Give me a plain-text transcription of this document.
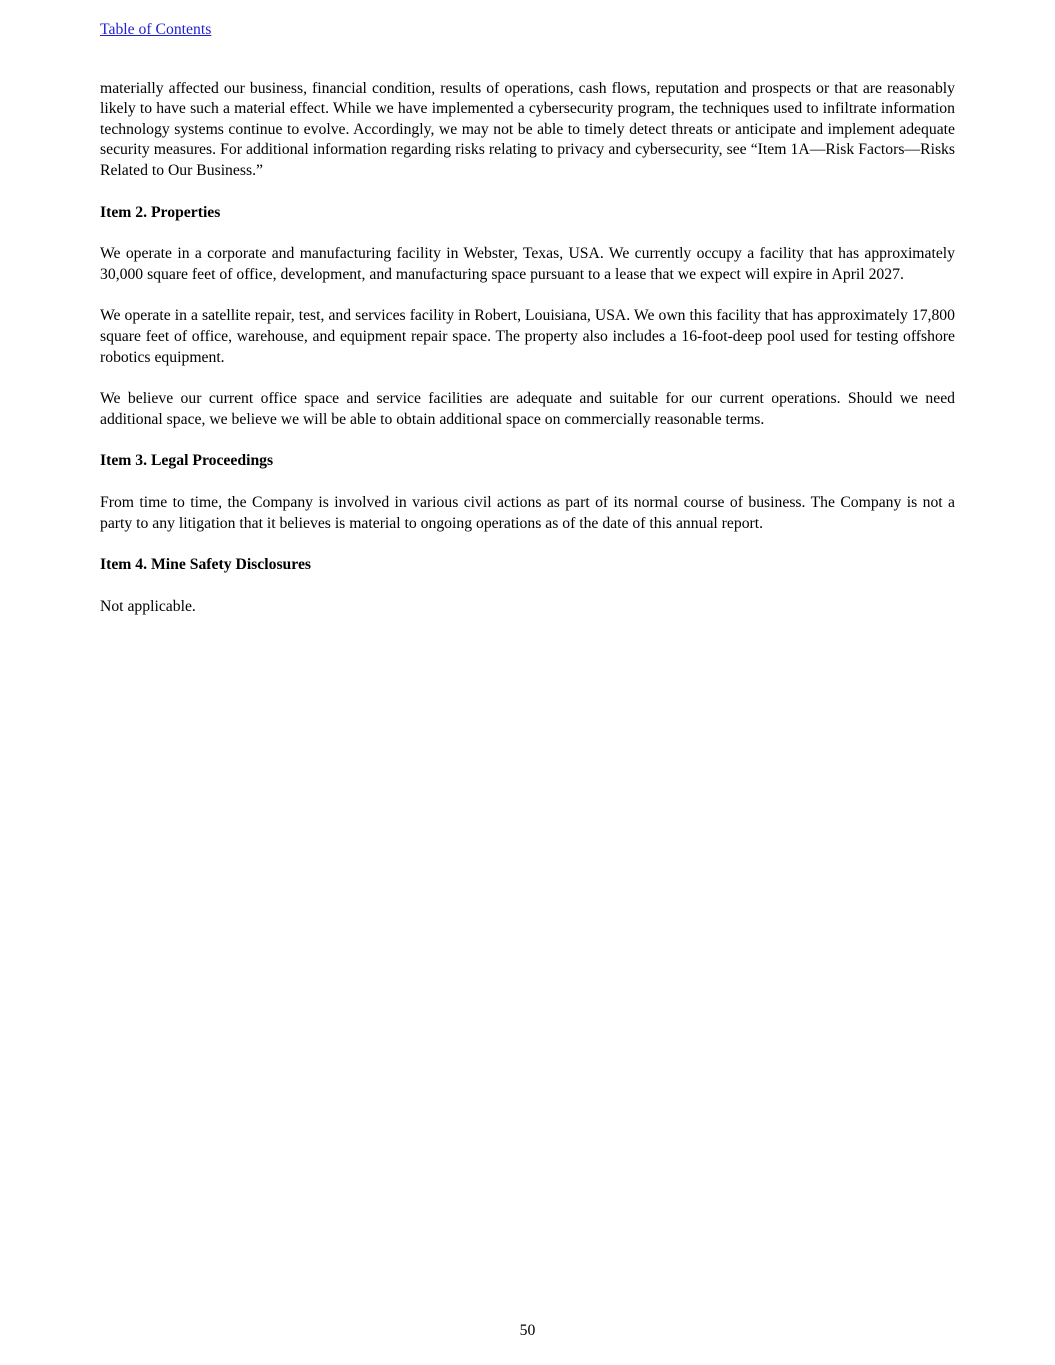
Table of Contents

materially affected our business, financial condition, results of operations, cash flows, reputation and prospects or that are reasonably likely to have such a material effect. While we have implemented a cybersecurity program, the techniques used to infiltrate information technology systems continue to evolve. Accordingly, we may not be able to timely detect threats or anticipate and implement adequate security measures. For additional information regarding risks relating to privacy and cybersecurity, see “Item 1A—Risk Factors—Risks Related to Our Business.”

Item 2. Properties

We operate in a corporate and manufacturing facility in Webster, Texas, USA. We currently occupy a facility that has approximately 30,000 square feet of office, development, and manufacturing space pursuant to a lease that we expect will expire in April 2027.

We operate in a satellite repair, test, and services facility in Robert, Louisiana, USA. We own this facility that has approximately 17,800 square feet of office, warehouse, and equipment repair space. The property also includes a 16-foot-deep pool used for testing offshore robotics equipment.

We believe our current office space and service facilities are adequate and suitable for our current operations. Should we need additional space, we believe we will be able to obtain additional space on commercially reasonable terms.

Item 3. Legal Proceedings

From time to time, the Company is involved in various civil actions as part of its normal course of business. The Company is not a party to any litigation that it believes is material to ongoing operations as of the date of this annual report.

Item 4. Mine Safety Disclosures

Not applicable.

50
